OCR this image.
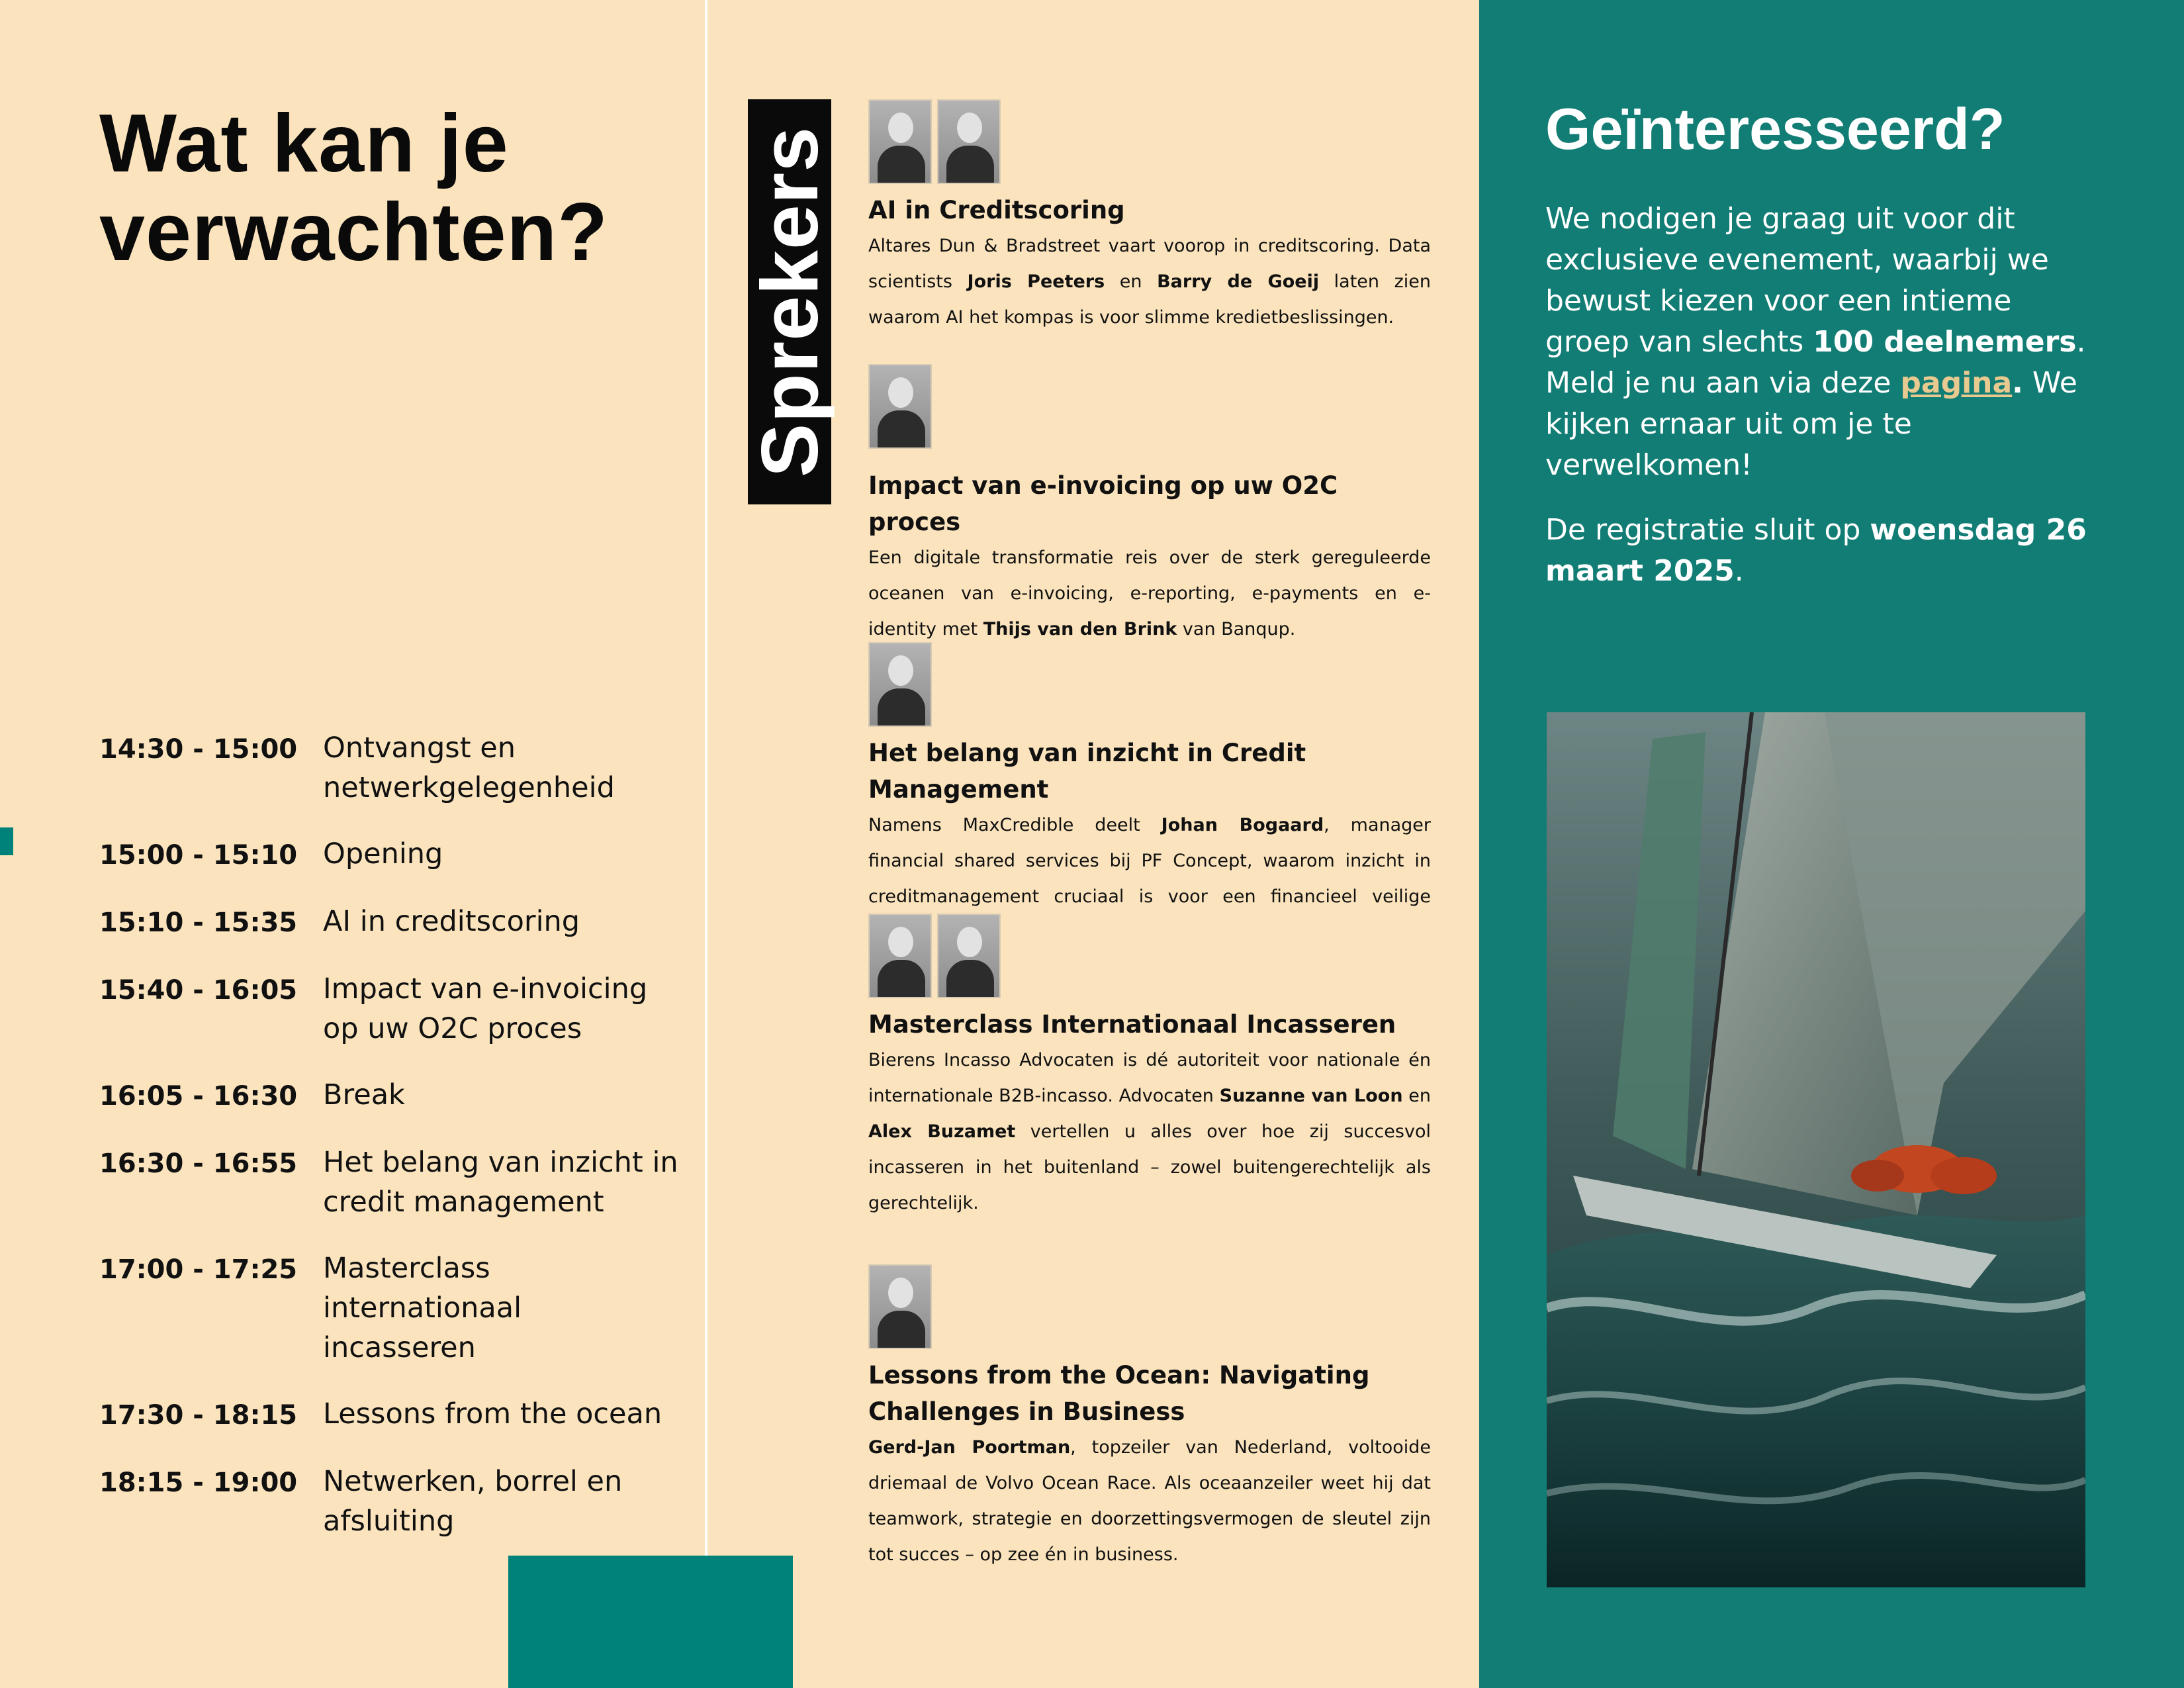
Wat kan je
verwachten?
14:30 - 15:00 Ontvangst en netwerkgelegenheid
15:00 - 15:10 Opening
15:10 - 15:35 AI in creditscoring
15:40 - 16:05 Impact van e-invoicing op uw O2C proces
16:05 - 16:30 Break
16:30 - 16:55 Het belang van inzicht in credit management
17:00 - 17:25 Masterclass internationaal incasseren
17:30 - 18:15 Lessons from the ocean
18:15 - 19:00 Netwerken, borrel en afsluiting
Sprekers AI in Creditscoring

Altares Dun & Bradstreet vaart voorop in creditscoring. Data scientists Joris Peeters en Barry de Goeij laten zien waarom AI het kompas is voor slimme kredietbeslissingen.

Impact van e-invoicing op uw O2C proces

Een digitale transformatie reis over de sterk gereguleerde oceanen van e-invoicing, e-reporting, e-payments en e-identity met Thijs van den Brink van Banqup.

Het belang van inzicht in Credit Management

Namens MaxCredible deelt Johan Bogaard, manager financial shared services bij PF Concept, waarom inzicht in creditmanagement cruciaal is voor een financieel veilige

Masterclass Internationaal Incasseren

Bierens Incasso Advocaten is dé autoriteit voor nationale én internationale B2B-incasso. Advocaten Suzanne van Loon en Alex Buzamet vertellen u alles over hoe zij succesvol incasseren in het buitenland – zowel buitengerechtelijk als gerechtelijk.

Lessons from the Ocean: Navigating Challenges in Business

Gerd-Jan Poortman, topzeiler van Nederland, voltooide driemaal de Volvo Ocean Race. Als oceaanzeiler weet hij dat teamwork, strategie en doorzettingsvermogen de sleutel zijn tot succes – op zee én in business.

Geïnteresseerd?

We nodigen je graag uit voor dit exclusieve evenement, waarbij we bewust kiezen voor een intieme groep van slechts 100 deelnemers. Meld je nu aan via deze pagina. We kijken ernaar uit om je te verwelkomen!

De registratie sluit op woensdag 26 maart 2025.
